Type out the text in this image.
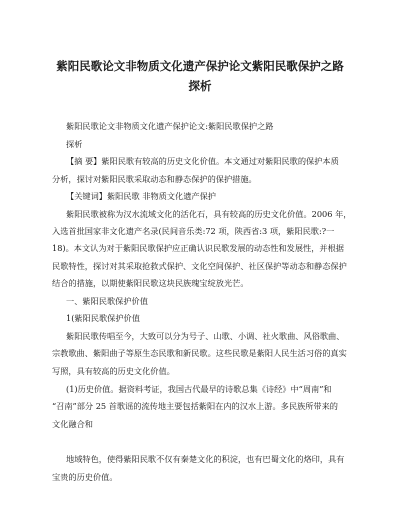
紫阳民歌论文非物质文化遗产保护论文紫阳民歌保护之路
探析
紫阳民歌论文非物质文化遗产保护论文:紫阳民歌保护之路
探析
【摘 要】紫阳民歌有较高的历史文化价值。本文通过对紫阳民歌的保护本质
分析，探讨对紫阳民歌采取动态和静态保护的保护措施。
【关键词】紫阳民歌 非物质文化遗产保护
紫阳民歌被称为汉水流域文化的活化石，具有较高的历史文化价值。2006 年，
入选首批国家非文化遗产名录(民间音乐类:72 项，陕西省:3 项，紫阳民歌:?一
18)。本文认为对于紫阳民歌保护应正确认识民歌发展的动态性和发展性，并根据
民歌特性，探讨对其采取抢救式保护、文化空间保护、社区保护等动态和静态保护
结合的措施，以期使紫阳民歌这块民族瑰宝绽放光芒。
一、紫阳民歌保护价值
1(紫阳民歌保护价值
紫阳民歌传唱至今，大致可以分为号子、山歌、小调、社火歌曲、风俗歌曲、
宗教歌曲、紫阳曲子等原生态民歌和新民歌。这些民歌是紫阳人民生活习俗的真实
写照，具有较高的历史文化价值。
(1)历史价值。据资料考证，我国古代最早的诗歌总集《诗经》中“周南”和
“召南”部分 25 首歌谣的流传地主要包括紫阳在内的汉水上游。多民族所带来的
文化融合和
地域特色，使得紫阳民歌不仅有秦楚文化的积淀，也有巴蜀文化的烙印，具有
宝贵的历史价值。
